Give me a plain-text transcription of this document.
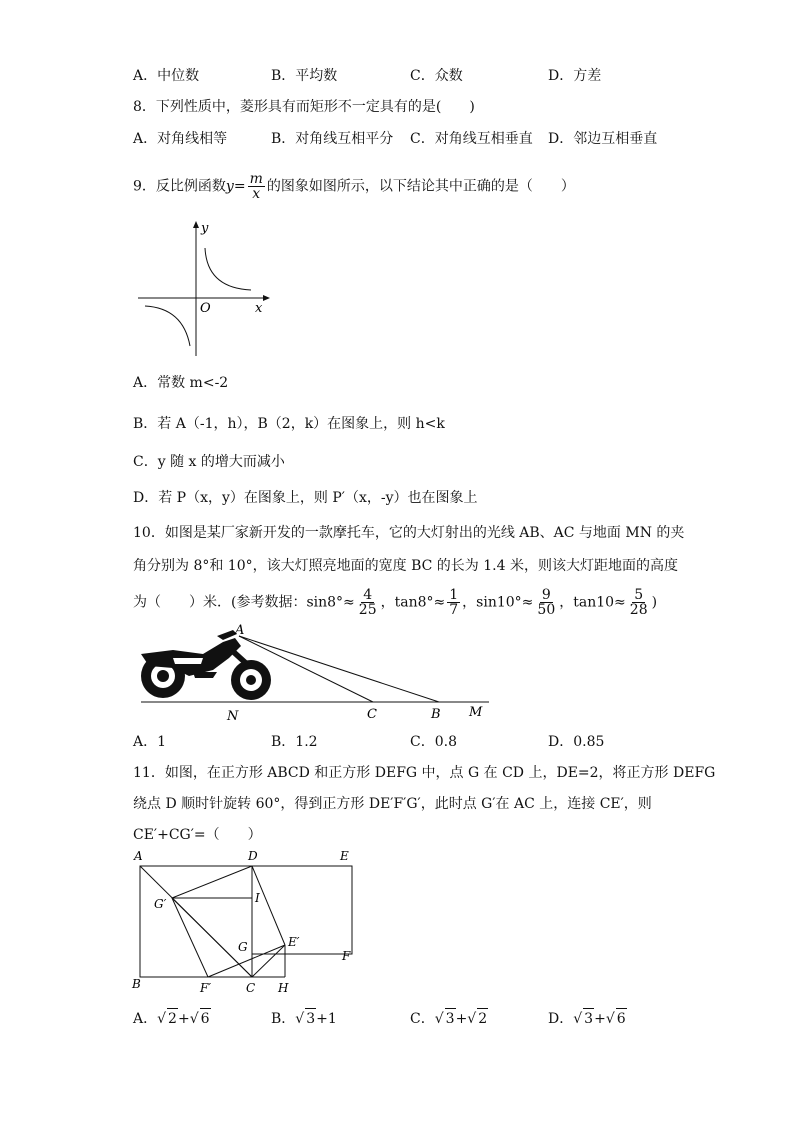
A．中位数	B．平均数	C．众数	D．方差
8．下列性质中，菱形具有而矩形不一定具有的是(　　)
A．对角线相等	B．对角线互相平分 C．对角线互相垂直 D．邻边互相垂直
9．反比例函数$y= \frac{m}{x}$ 的图象如图所示，以下结论其中正确的是（　　）
y
x
O
A．常数 m<-2
B．若 A（-1，h），B（2，k）在图象上，则 h<k
C．y 随 x 的增大而减小
D．若 P（x，y）在图象上，则 P′（x，-y）也在图象上
10．如图是某厂家新开发的一款摩托车，它的大灯射出的光线 AB、AC 与地面 MN 的夹
角分别为 8°和 10°，该大灯照亮地面的宽度 BC 的长为 1.4 米，则该大灯距地面的高度
为（　　）米．(参考数据：$\sin 8^\circ\approx \frac{4}{25}$ ，$\tan 8^\circ\approx \frac{1}{7}$ ，$\sin 10^\circ\approx \frac{9}{50}$ ，$\tan 10\approx \frac{5}{28}$ )
A
N	C	B M
A．1	B．1.2	C．0.8	D．0.85
11．如图，在正方形 ABCD 和正方形 DEFG 中，点 G 在 CD 上，DE=2，将正方形 DEFG
绕点 D 顺时针旋转 60°，得到正方形 DE′F′G′，此时点 G′在 AC 上，连接 CE′，则
CE′+CG′=（　　）
A	D	E
G′	I
G	E′
F
B	F′	C H
A．√ 2+√ 6	B．√ 3+1	C．√ 3+√ 2	D．√ 3+√ 6
